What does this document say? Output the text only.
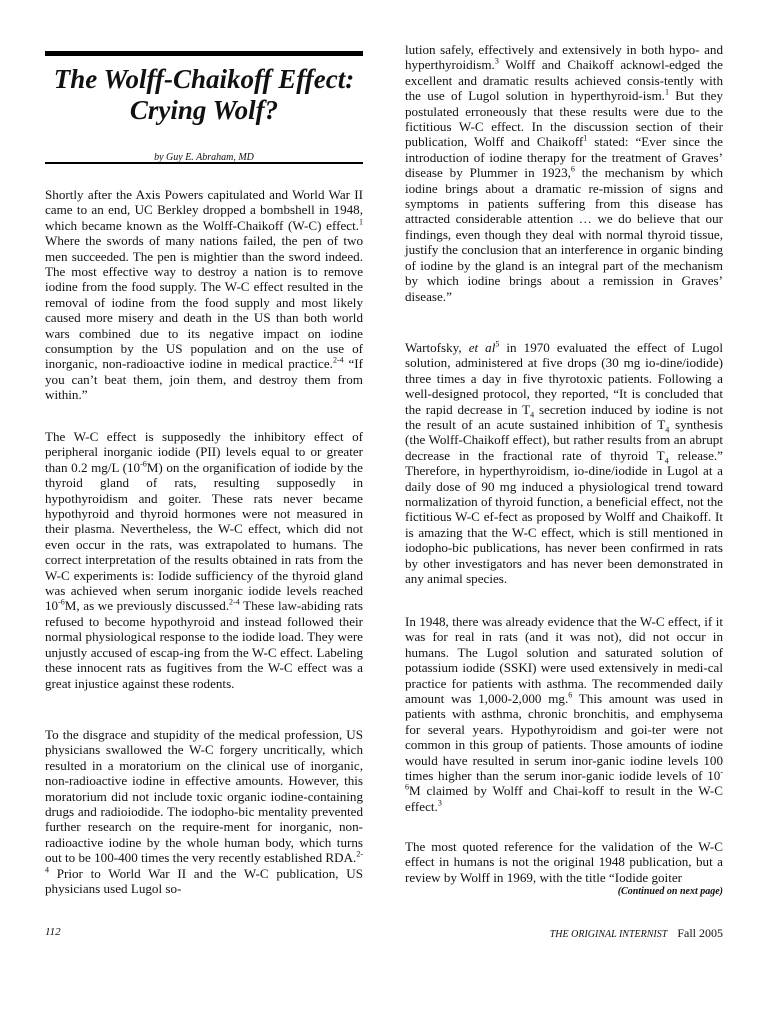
The Wolff-Chaikoff Effect:
Crying Wolf?
by Guy E. Abraham, MD

Shortly after the Axis Powers capitulated and World War II came to an end, UC Berkley dropped a bombshell in 1948, which became known as the Wolff-Chaikoff (W-C) effect.$^1$ Where the swords of many nations failed, the pen of two men succeeded. The pen is mightier than the sword indeed. The most effective way to destroy a nation is to remove iodine from the food supply. The W-C effect resulted in the removal of iodine from the food supply and most likely caused more misery and death in the US than both world wars combined due to its negative impact on iodine consumption by the US population and on the use of inorganic, non-radioactive iodine in medical practice.$^{2-4}$ “If you can’t beat them, join them, and destroy them from within.”

The W-C effect is supposedly the inhibitory effect of peripheral inorganic iodide (PII) levels equal to or greater than 0.2 mg/L $(10^{-6}M)$ on the organification of iodide by the thyroid gland of rats, resulting supposedly in hypothyroidism and goiter. These rats never became hypothyroid and thyroid hormones were not measured in their plasma. Nevertheless, the W-C effect, which did not even occur in the rats, was extrapolated to humans. The correct interpretation of the results obtained in rats from the W-C experiments is: Iodide sufficiency of the thyroid gland was achieved when serum inorganic iodide levels reached $10^{-6}M$, as we previously discussed.$^{2-4}$ These law-abiding rats refused to become hypothyroid and instead followed their normal physiological response to the iodide load. They were unjustly accused of escap-ing from the W-C effect. Labeling these innocent rats as fugitives from the W-C effect was a great injustice against these rodents.

To the disgrace and stupidity of the medical profession, US physicians swallowed the W-C forgery uncritically, which resulted in a moratorium on the clinical use of inorganic, non-radioactive iodine in effective amounts. However, this moratorium did not include toxic organic iodine-containing drugs and radioiodide. The iodopho-bic mentality prevented further research on the require-ment for inorganic, non-radioactive iodine by the whole human body, which turns out to be 100-400 times the very recently established RDA.$^{2-4}$ Prior to World War II and the W-C publication, US physicians used Lugol so-

lution safely, effectively and extensively in both hypo- and hyperthyroidism.$^3$ Wolff and Chaikoff acknowl-edged the excellent and dramatic results achieved consis-tently with the use of Lugol solution in hyperthyroid-ism.$^1$ But they postulated erroneously that these results were due to the fictitious W-C effect. In the discussion section of their publication, Wolff and Chaikoff$^1$ stated: “Ever since the introduction of iodine therapy for the treatment of Graves’ disease by Plummer in 1923,$^6$ the mechanism by which iodine brings about a dramatic re-mission of signs and symptoms in patients suffering from this disease has attracted considerable attention … we do believe that our findings, even though they deal with normal thyroid tissue, justify the conclusion that an interference in organic binding of iodine by the gland is an integral part of the mechanism by which iodine brings about a remission in Graves’ disease.”

Wartofsky, et $al^5$ in 1970 evaluated the effect of Lugol solution, administered at five drops (30 mg io-dine/iodide) three times a day in five thyrotoxic patients. Following a well-designed protocol, they reported, “It is concluded that the rapid decrease in $T_4$ secretion induced by iodine is not the result of an acute sustained inhibition of $T_4$ synthesis (the Wolff-Chaikoff effect), but rather results from an abrupt decrease in the fractional rate of thyroid $T_4$ release.” Therefore, in hyperthyroidism, io-dine/iodide in Lugol at a daily dose of 90 mg induced a physiological trend toward normalization of thyroid function, a beneficial effect, not the fictitious W-C ef-fect as proposed by Wolff and Chaikoff. It is amazing that the W-C effect, which is still mentioned in iodopho-bic publications, has never been confirmed in rats by other investigators and has never been demonstrated in any animal species.

In 1948, there was already evidence that the W-C effect, if it was for real in rats (and it was not), did not occur in humans. The Lugol solution and saturated solution of potassium iodide (SSKI) were used extensively in medi-cal practice for patients with asthma. The recommended daily amount was 1,000-2,000 mg.$^6$ This amount was used in patients with asthma, chronic bronchitis, and emphysema for several years. Hypothyroidism and goi-ter were not common in this group of patients. Those amounts of iodine would have resulted in serum inor-ganic iodine levels 100 times higher than the serum inor-ganic iodide levels of $10^{-6}M$ claimed by Wolff and Chai-koff to result in the W-C effect.$^3$

The most quoted reference for the validation of the W-C effect in humans is not the original 1948 publication, but a review by Wolff in 1969, with the title “Iodide goiter

(Continued on next page)
112	THE ORIGINAL INTERNIST Fall 2005
